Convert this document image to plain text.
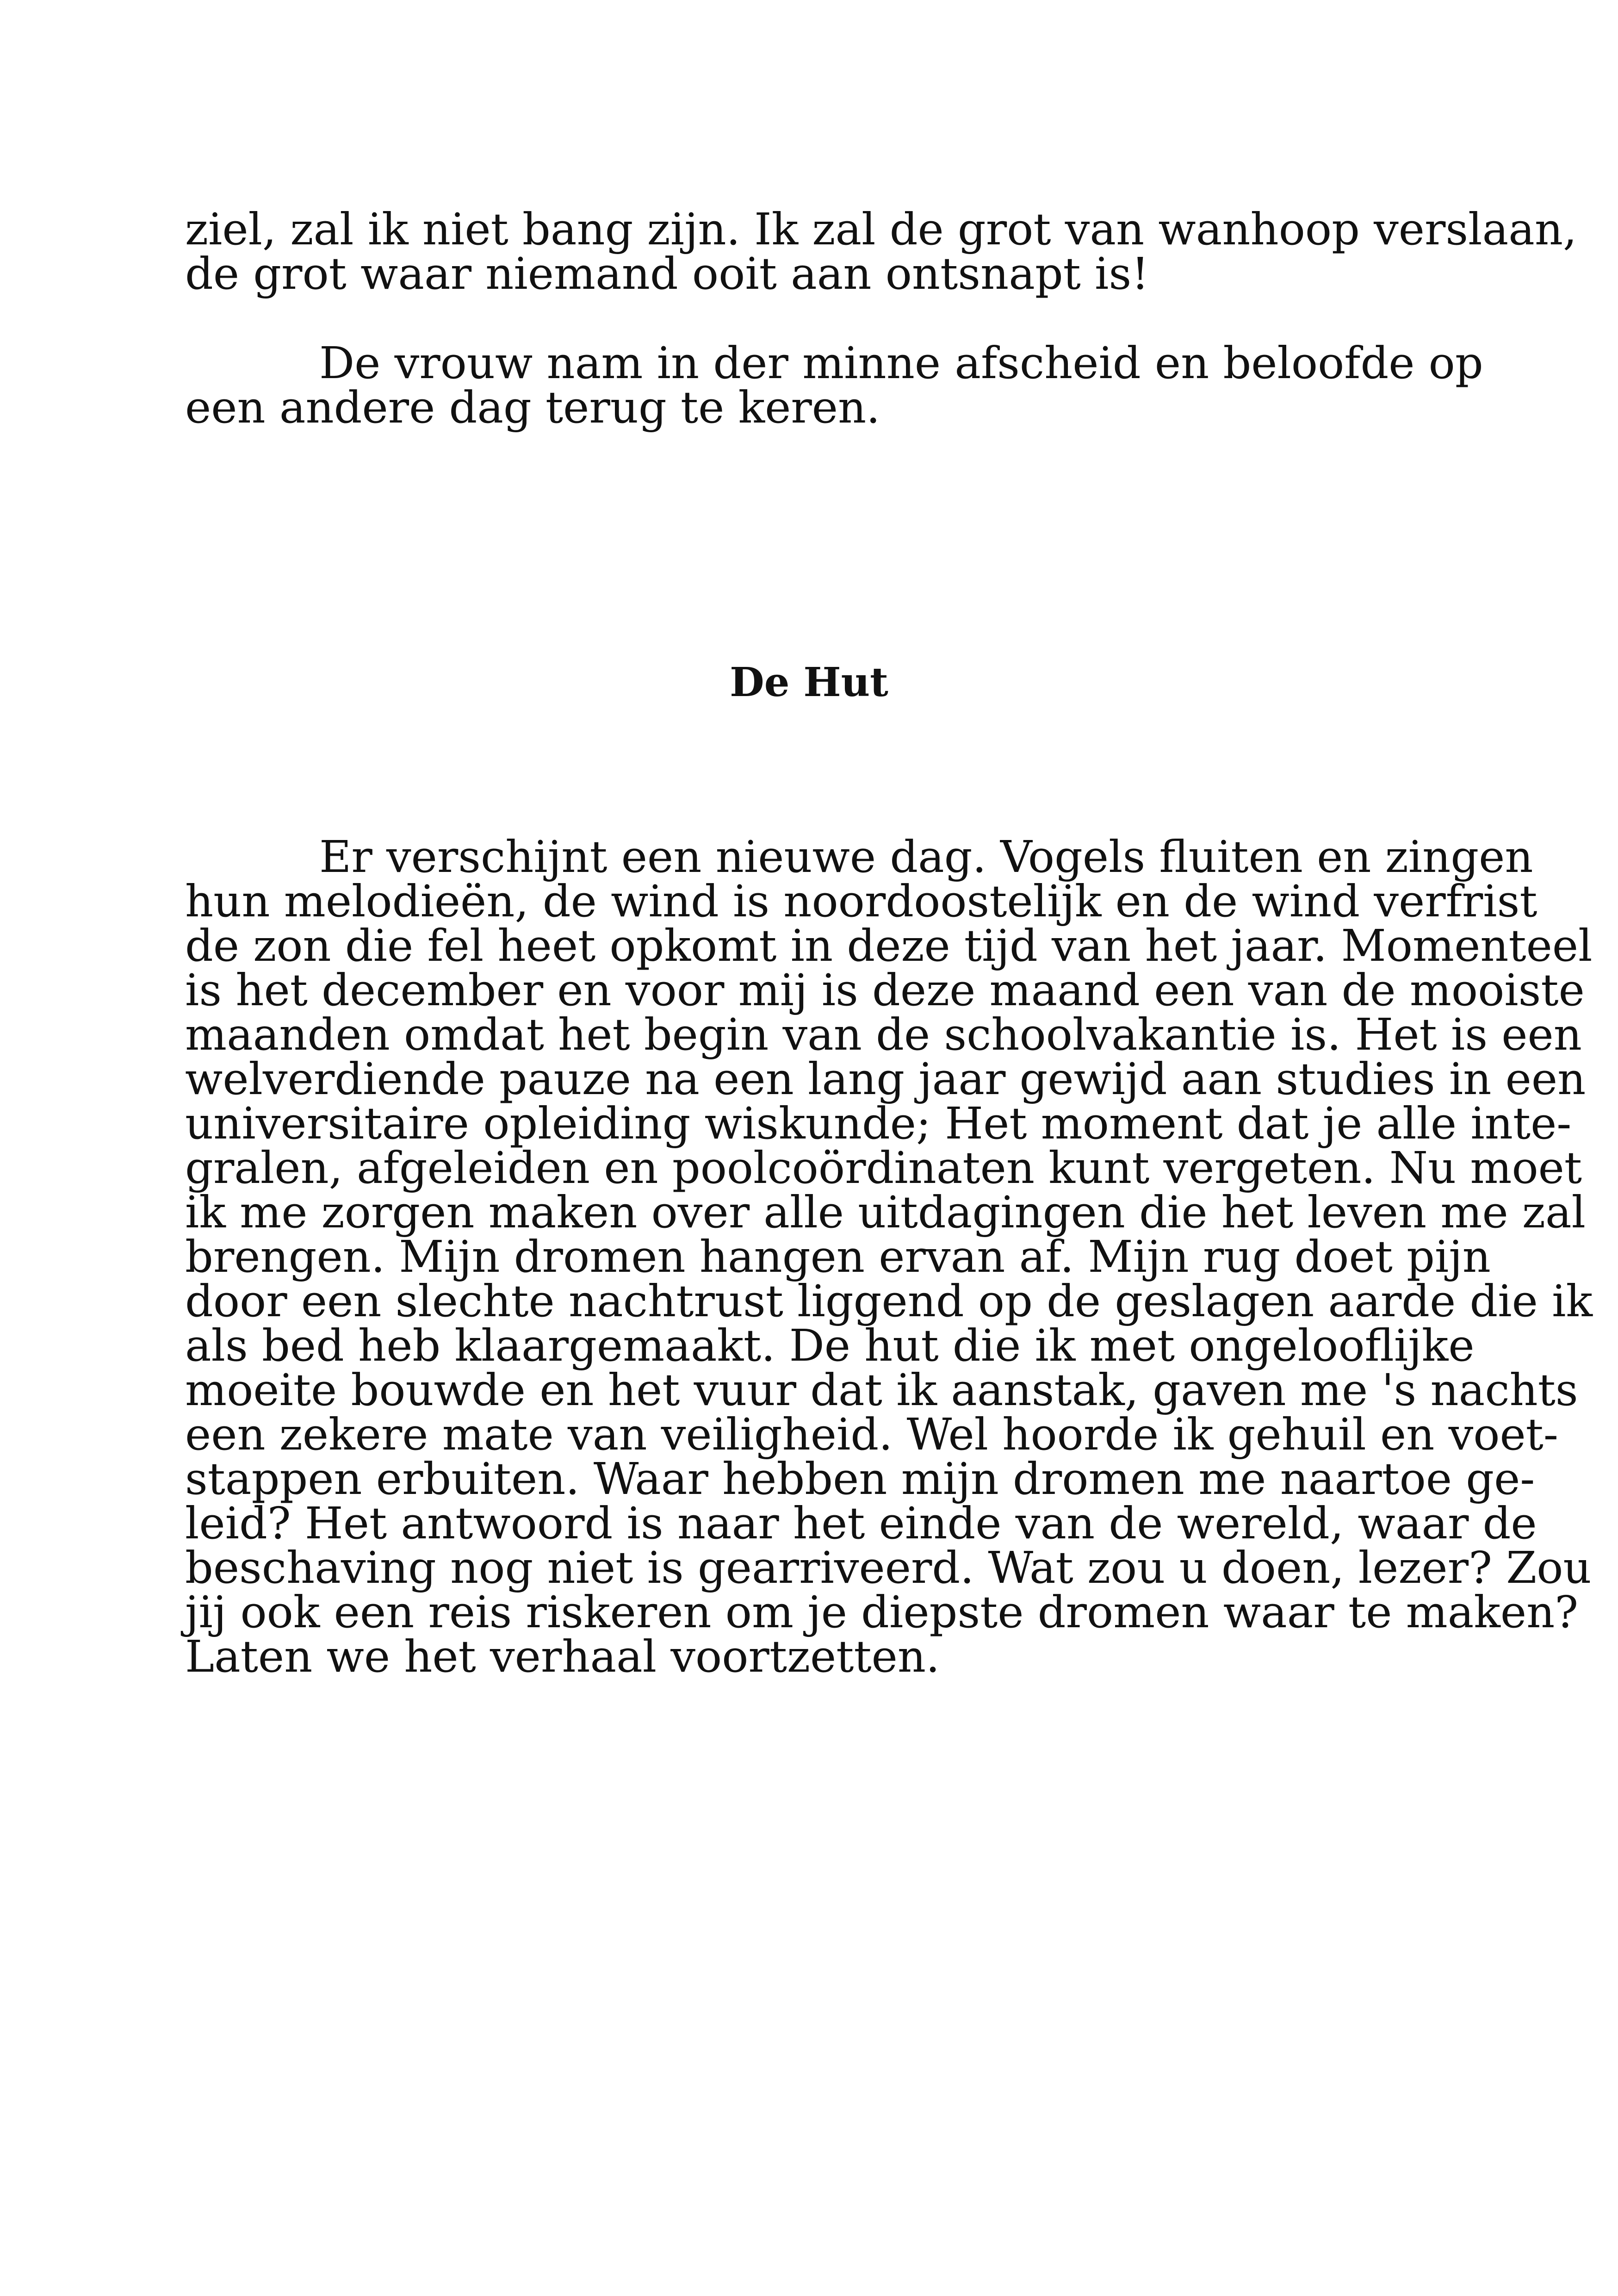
ziel, zal ik niet bang zijn. Ik zal de grot van wanhoop verslaan,
de grot waar niemand ooit aan ontsnapt is!
De vrouw nam in der minne afscheid en beloofde op
een andere dag terug te keren.
De Hut
Er verschijnt een nieuwe dag. Vogels fluiten en zingen
hun melodieën, de wind is noordoostelijk en de wind verfrist
de zon die fel heet opkomt in deze tijd van het jaar. Momenteel
is het december en voor mij is deze maand een van de mooiste
maanden omdat het begin van de schoolvakantie is. Het is een
welverdiende pauze na een lang jaar gewijd aan studies in een
universitaire opleiding wiskunde; Het moment dat je alle inte-
gralen, afgeleiden en poolcoördinaten kunt vergeten. Nu moet
ik me zorgen maken over alle uitdagingen die het leven me zal
brengen. Mijn dromen hangen ervan af. Mijn rug doet pijn
door een slechte nachtrust liggend op de geslagen aarde die ik
als bed heb klaargemaakt. De hut die ik met ongelooflijke
moeite bouwde en het vuur dat ik aanstak, gaven me 's nachts
een zekere mate van veiligheid. Wel hoorde ik gehuil en voet-
stappen erbuiten. Waar hebben mijn dromen me naartoe ge-
leid? Het antwoord is naar het einde van de wereld, waar de
beschaving nog niet is gearriveerd. Wat zou u doen, lezer? Zou
jij ook een reis riskeren om je diepste dromen waar te maken?
Laten we het verhaal voortzetten.
